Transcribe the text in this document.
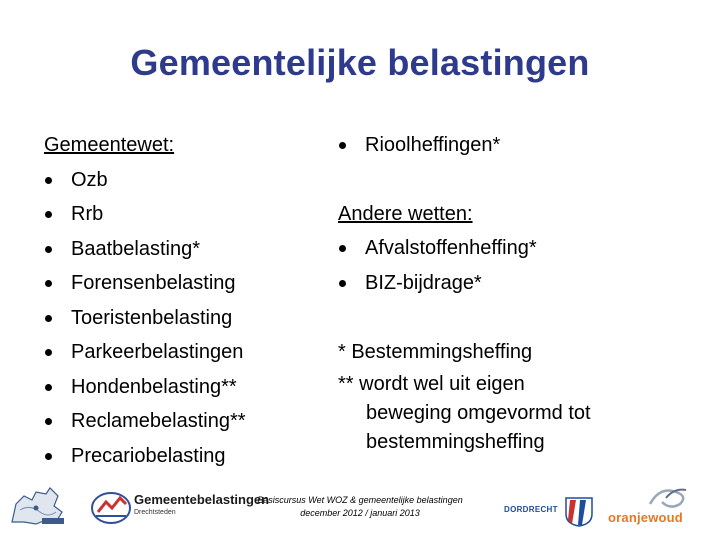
Gemeentelijke belastingen
Gemeentewet:
Ozb
Rrb
Baatbelasting*
Forensenbelasting
Toeristenbelasting
Parkeerbelastingen
Hondenbelasting**
Reclamebelasting**
Precariobelasting
Rioolheffingen*
Andere wetten:
Afvalstoffenheffing*
BIZ-bijdrage*
* Bestemmingsheffing
** wordt wel uit eigen
beweging omgevormd tot
bestemmingsheffing
Basiscursus Wet WOZ & gemeentelijke belastingen
december 2012 / januari 2013
Gemeentebelastingen
Drechtsteden	DORDRECHT
oranjewoud
